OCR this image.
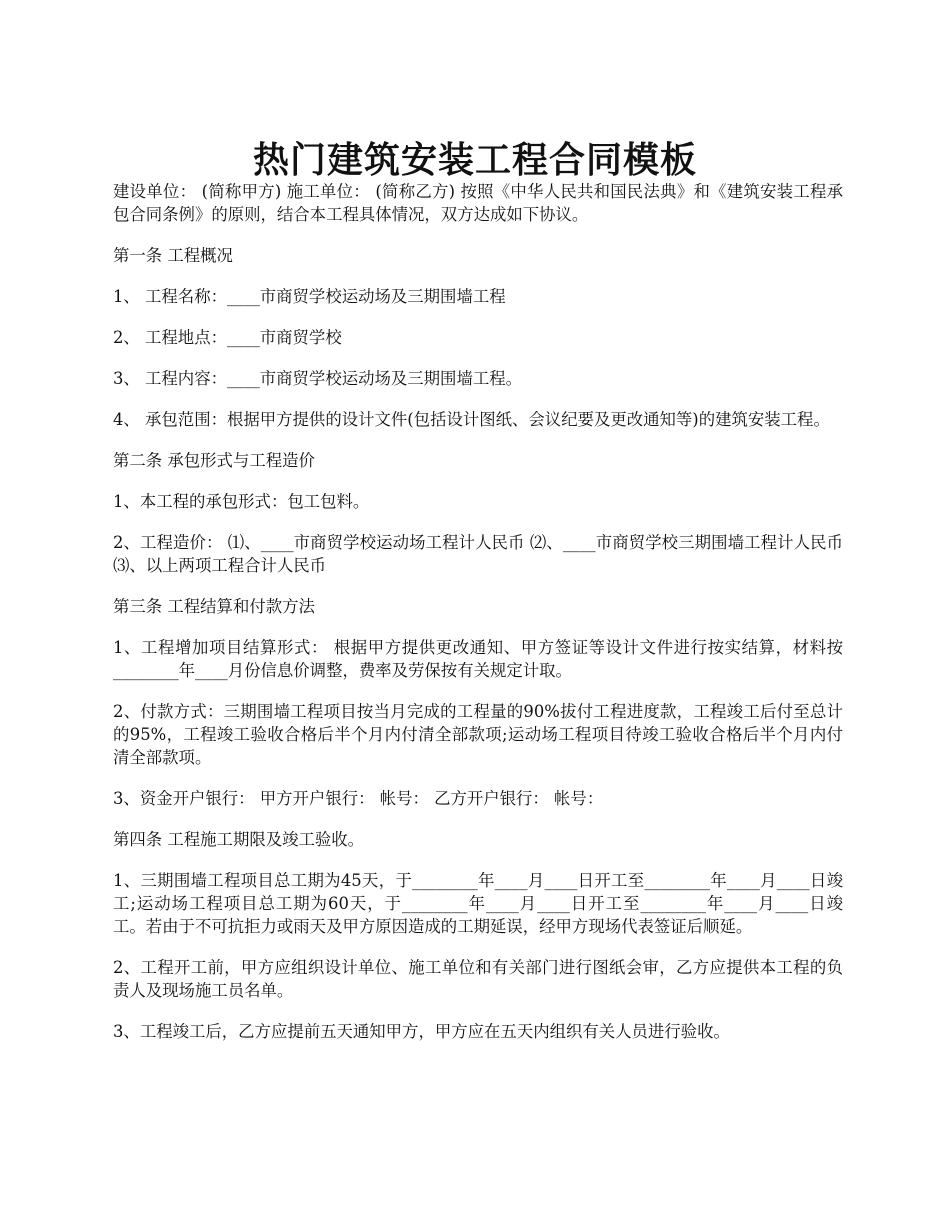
热门建筑安装工程合同模板

建设单位： (简称甲方) 施工单位： (简称乙方) 按照《中华人民共和国民法典》和《建筑安装工程承包合同条例》的原则，结合本工程具体情况，双方达成如下协议。

第一条 工程概况

1、 工程名称：____市商贸学校运动场及三期围墙工程

2、 工程地点：____市商贸学校

3、 工程内容：____市商贸学校运动场及三期围墙工程。

4、 承包范围：根据甲方提供的设计文件(包括设计图纸、会议纪要及更改通知等)的建筑安装工程。

第二条 承包形式与工程造价

1、本工程的承包形式：包工包料。

2、工程造价： ⑴、____市商贸学校运动场工程计人民币 ⑵、____市商贸学校三期围墙工程计人民币 ⑶、以上两项工程合计人民币

第三条 工程结算和付款方法

1、工程增加项目结算形式： 根据甲方提供更改通知、甲方签证等设计文件进行按实结算，材料按________年____月份信息价调整，费率及劳保按有关规定计取。

2、付款方式：三期围墙工程项目按当月完成的工程量的90%拔付工程进度款，工程竣工后付至总计的95%，工程竣工验收合格后半个月内付清全部款项;运动场工程项目待竣工验收合格后半个月内付清全部款项。

3、资金开户银行： 甲方开户银行： 帐号： 乙方开户银行： 帐号：

第四条 工程施工期限及竣工验收。

1、三期围墙工程项目总工期为45天，于________年____月____日开工至________年____月____日竣工;运动场工程项目总工期为60天，于________年____月____日开工至________年____月____日竣工。若由于不可抗拒力或雨天及甲方原因造成的工期延误，经甲方现场代表签证后顺延。

2、工程开工前，甲方应组织设计单位、施工单位和有关部门进行图纸会审，乙方应提供本工程的负责人及现场施工员名单。

3、工程竣工后，乙方应提前五天通知甲方，甲方应在五天内组织有关人员进行验收。
